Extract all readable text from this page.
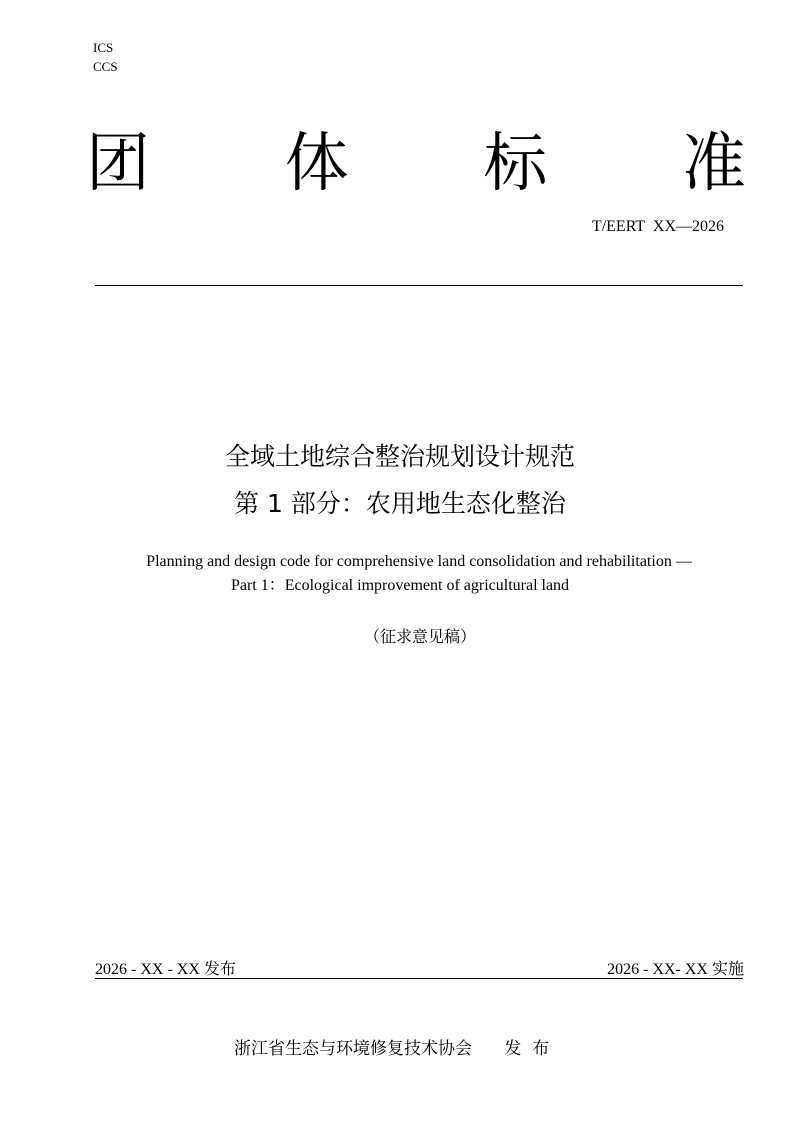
ICS
CCS
团 体 标 准
T/EERT  XX—2026
全域土地综合整治规划设计规范
第 1 部分：农用地生态化整治
Planning and design code for comprehensive land consolidation and rehabilitation —
Part 1：Ecological improvement of agricultural land
（征求意见稿）
2026 - XX - XX 发布	2026 - XX- XX 实施
浙江省生态与环境修复技术协会      发  布
